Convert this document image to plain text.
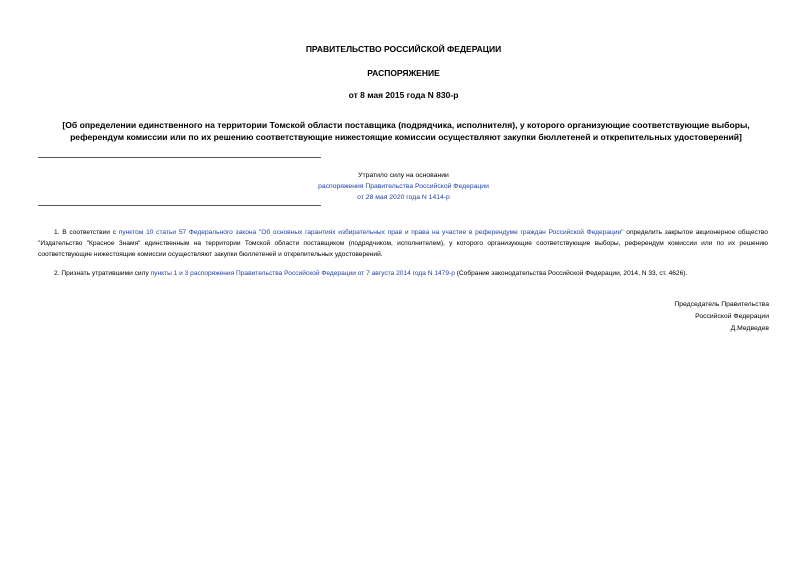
ПРАВИТЕЛЬСТВО РОССИЙСКОЙ ФЕДЕРАЦИИ
РАСПОРЯЖЕНИЕ
от 8 мая 2015 года N 830-р
[Об определении единственного на территории Томской области поставщика (подрядчика, исполнителя), у которого организующие соответствующие выборы, референдум комиссии или по их решению соответствующие нижестоящие комиссии осуществляют закупки бюллетеней и открепительных удостоверений]
Утратило силу на основании
распоряжения Правительства Российской Федерации
от 28 мая 2020 года N 1414-р
1. В соответствии с пунктом 10 статьи 57 Федерального закона "Об основных гарантиях избирательных прав и права на участие в референдуме граждан Российской Федерации" определить закрытое акционерное общество "Издательство "Красное Знамя" единственным на территории Томской области поставщиком (подрядчиком, исполнителем), у которого организующие соответствующие выборы, референдум комиссии или по их решению соответствующие нижестоящие комиссии осуществляют закупки бюллетеней и открепительных удостоверений.
2. Признать утратившими силу пункты 1 и 3 распоряжения Правительства Российской Федерации от 7 августа 2014 года N 1479-р (Собрание законодательства Российской Федерации, 2014, N 33, ст. 4626).
Председатель Правительства
Российской Федерации
Д.Медведев
